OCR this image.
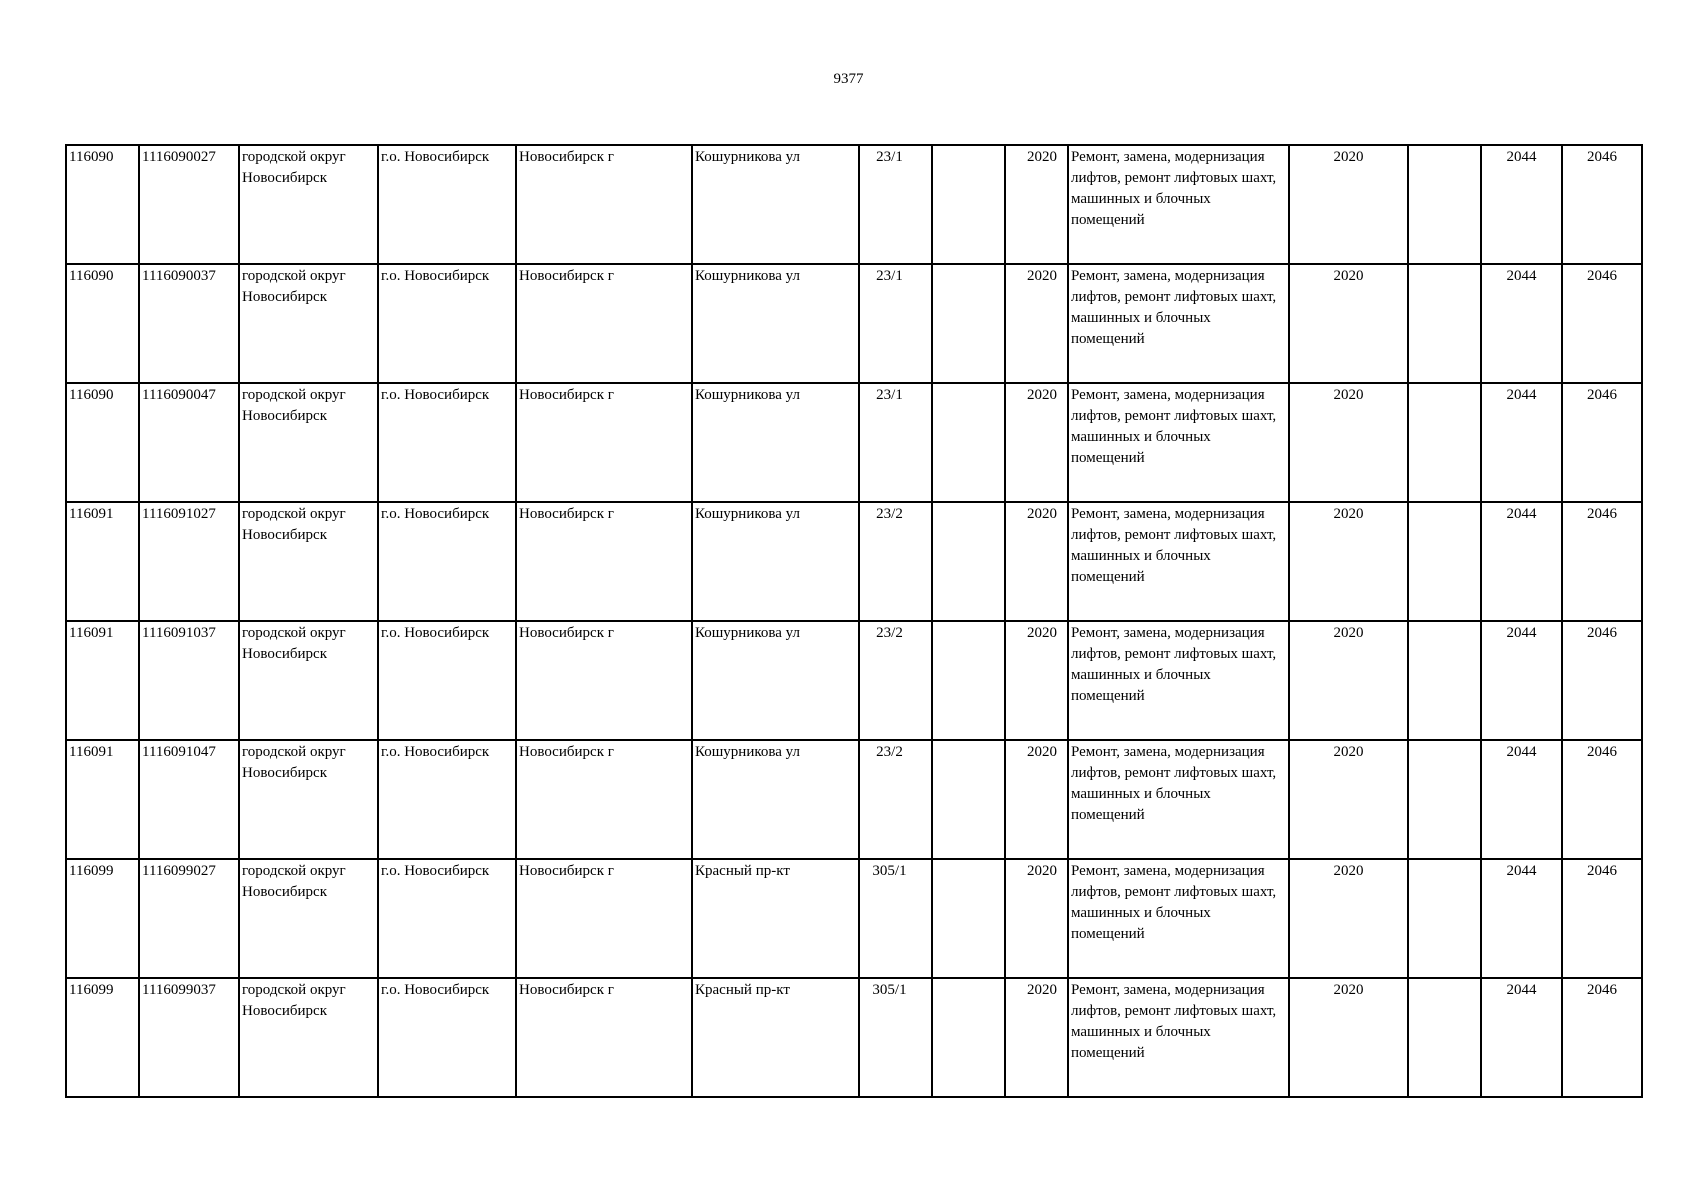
9377
116090	1116090027	городской округ Новосибирск	г.о. Новосибирск	Новосибирск г	Кошурникова ул	23/1		2020	Ремонт, замена, модернизация лифтов, ремонт лифтовых шахт, машинных и блочных помещений	2020		2044	2046
116090	1116090037	городской округ Новосибирск	г.о. Новосибирск	Новосибирск г	Кошурникова ул	23/1		2020	Ремонт, замена, модернизация лифтов, ремонт лифтовых шахт, машинных и блочных помещений	2020		2044	2046
116090	1116090047	городской округ Новосибирск	г.о. Новосибирск	Новосибирск г	Кошурникова ул	23/1		2020	Ремонт, замена, модернизация лифтов, ремонт лифтовых шахт, машинных и блочных помещений	2020		2044	2046
116091	1116091027	городской округ Новосибирск	г.о. Новосибирск	Новосибирск г	Кошурникова ул	23/2		2020	Ремонт, замена, модернизация лифтов, ремонт лифтовых шахт, машинных и блочных помещений	2020		2044	2046
116091	1116091037	городской округ Новосибирск	г.о. Новосибирск	Новосибирск г	Кошурникова ул	23/2		2020	Ремонт, замена, модернизация лифтов, ремонт лифтовых шахт, машинных и блочных помещений	2020		2044	2046
116091	1116091047	городской округ Новосибирск	г.о. Новосибирск	Новосибирск г	Кошурникова ул	23/2		2020	Ремонт, замена, модернизация лифтов, ремонт лифтовых шахт, машинных и блочных помещений	2020		2044	2046
116099	1116099027	городской округ Новосибирск	г.о. Новосибирск	Новосибирск г	Красный пр-кт	305/1		2020	Ремонт, замена, модернизация лифтов, ремонт лифтовых шахт, машинных и блочных помещений	2020		2044	2046
116099	1116099037	городской округ Новосибирск	г.о. Новосибирск	Новосибирск г	Красный пр-кт	305/1		2020	Ремонт, замена, модернизация лифтов, ремонт лифтовых шахт, машинных и блочных помещений	2020		2044	2046
